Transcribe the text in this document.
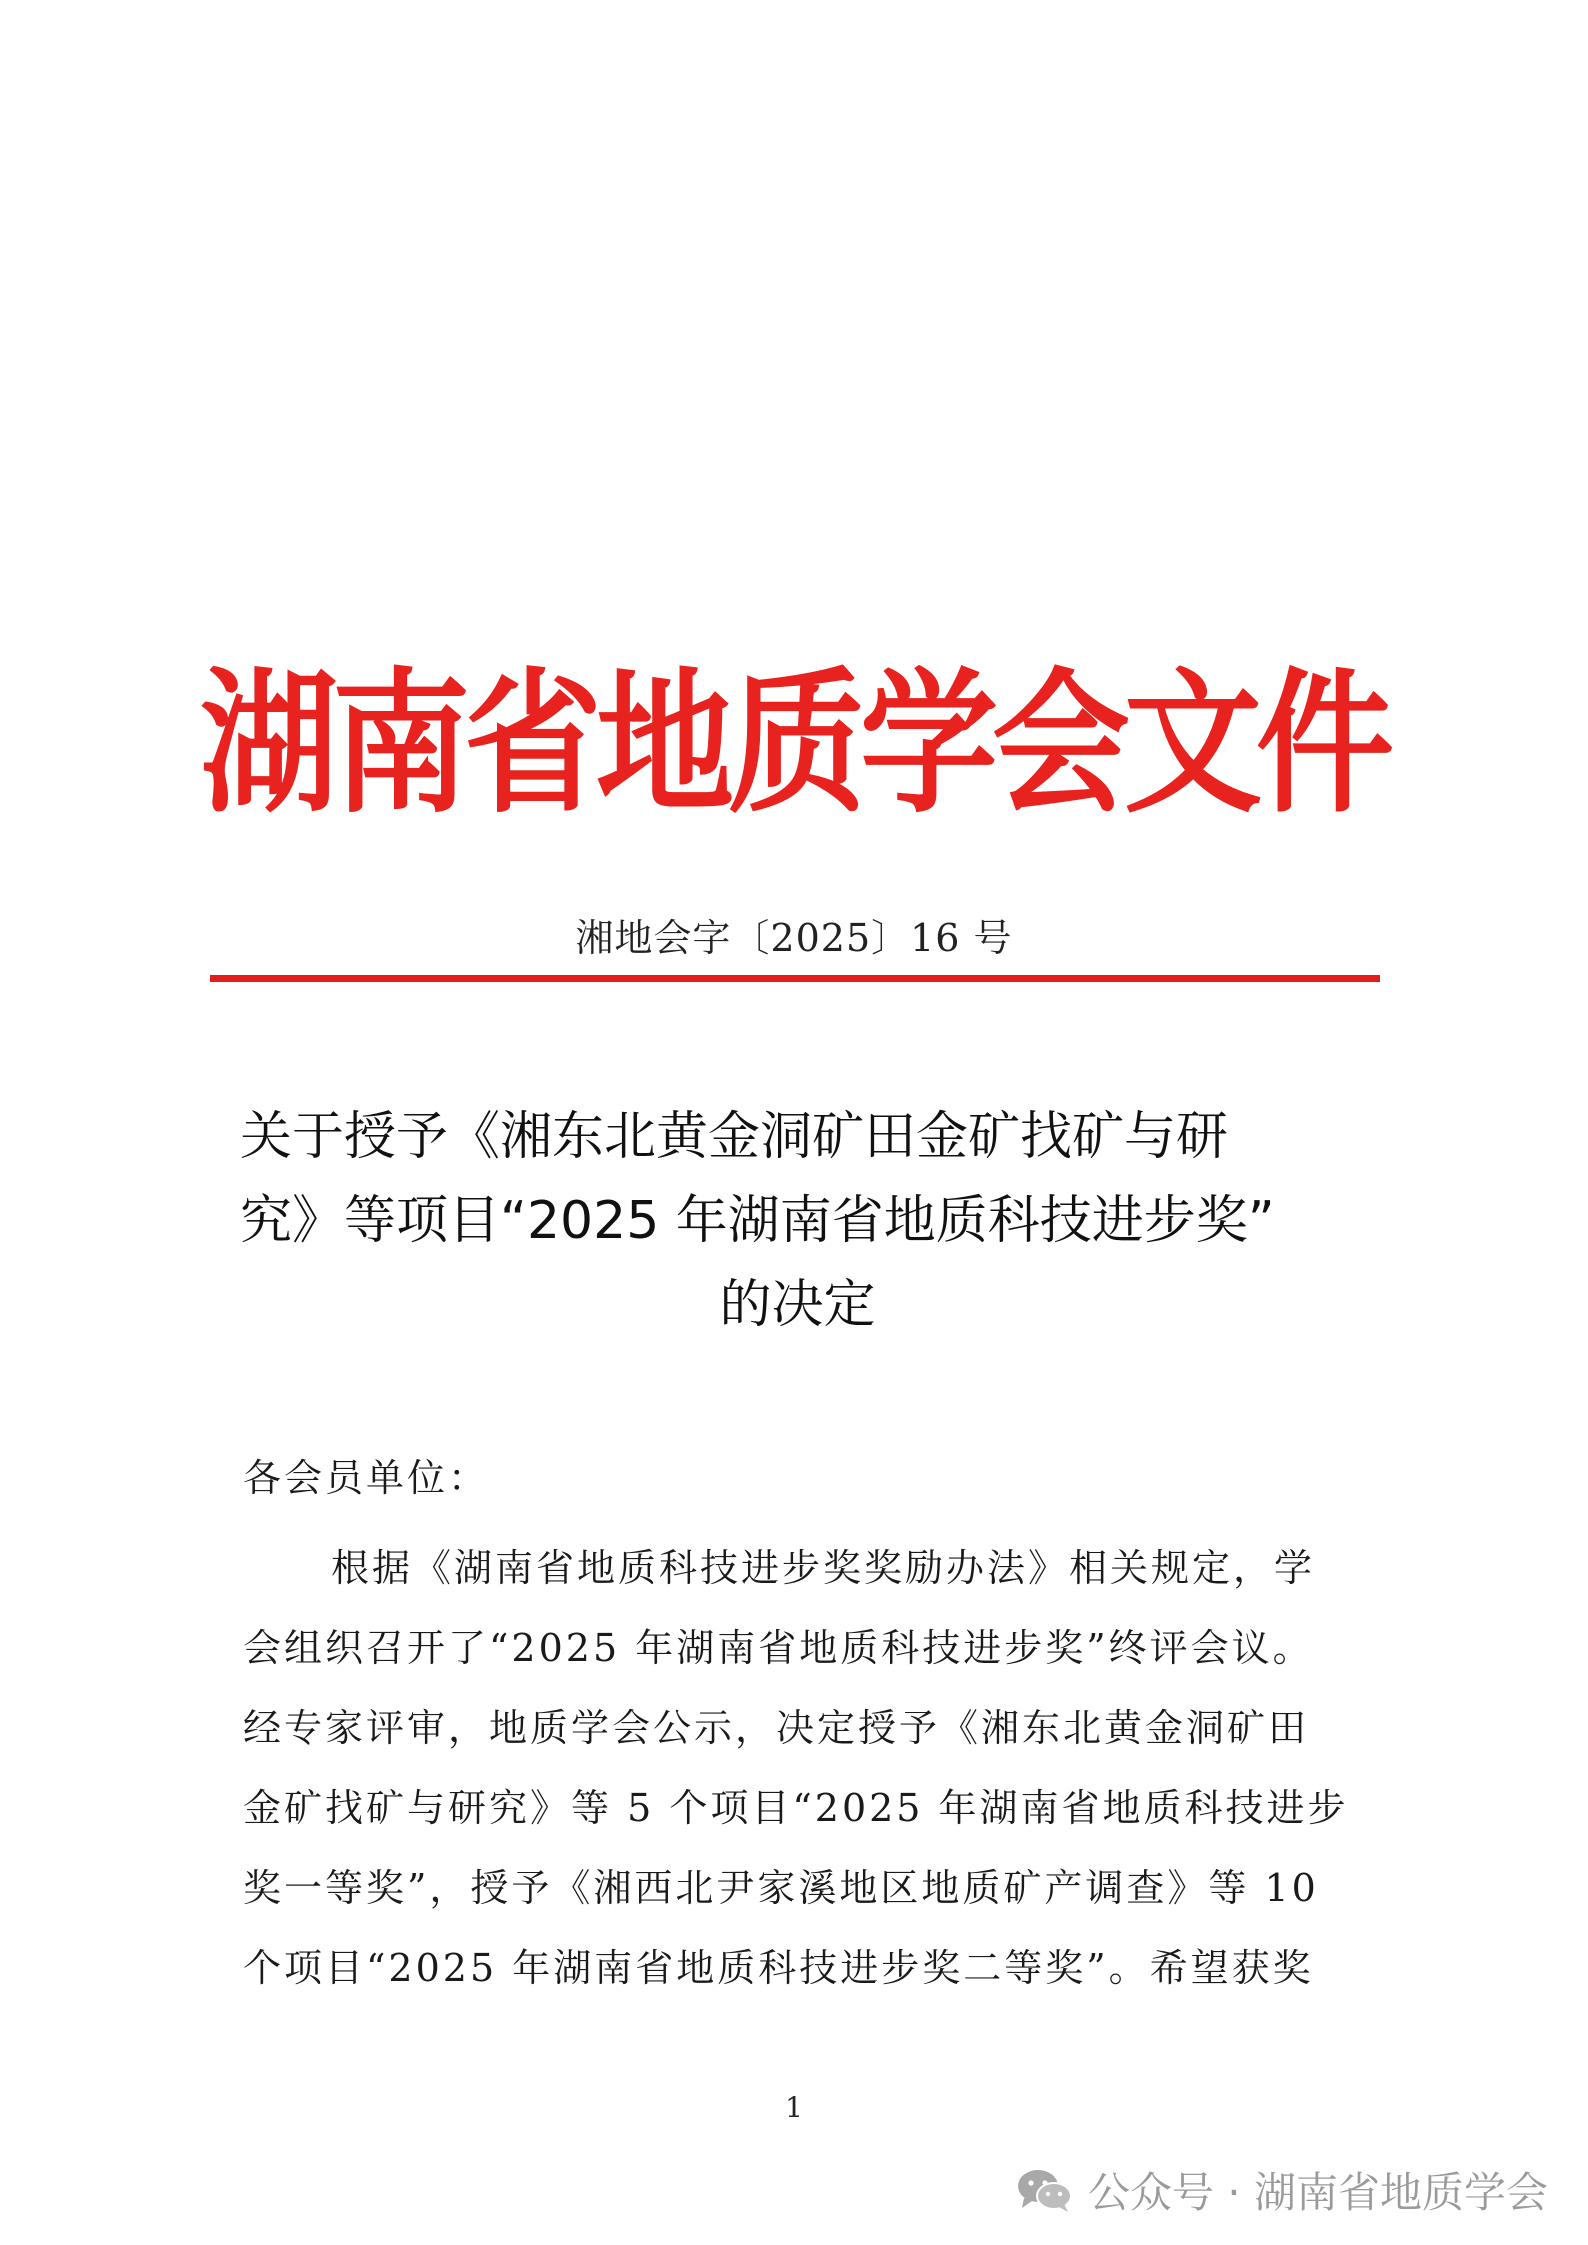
湖南省地质学会文件
湘地会字〔2025〕16 号
关于授予《湘东北黄金洞矿田金矿找矿与研
究》等项目“2025 年湖南省地质科技进步奖”
的决定
各会员单位：
根据《湖南省地质科技进步奖奖励办法》相关规定，学
会组织召开了“2025 年湖南省地质科技进步奖”终评会议。
经专家评审，地质学会公示，决定授予《湘东北黄金洞矿田
金矿找矿与研究》等 5 个项目“2025 年湖南省地质科技进步
奖一等奖”，授予《湘西北尹家溪地区地质矿产调查》等 10
个项目“2025 年湖南省地质科技进步奖二等奖”。希望获奖
1
公众号 · 湖南省地质学会
